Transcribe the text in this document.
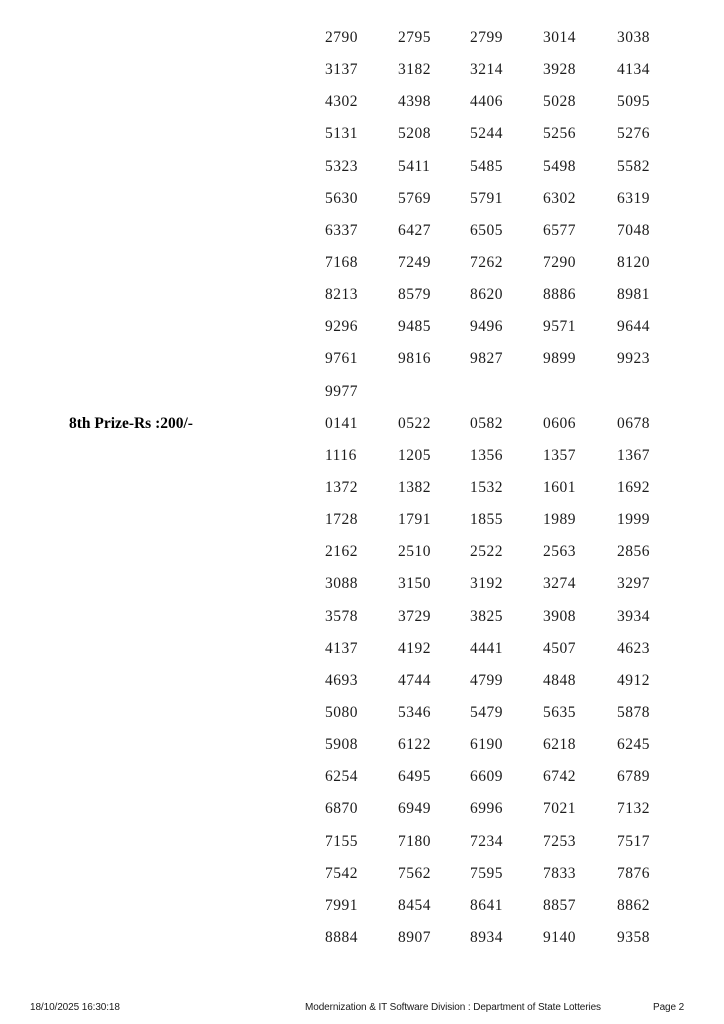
2790	2795	2799	3014	3038
3137	3182	3214	3928	4134
4302	4398	4406	5028	5095
5131	5208	5244	5256	5276
5323	5411	5485	5498	5582
5630	5769	5791	6302	6319
6337	6427	6505	6577	7048
7168	7249	7262	7290	8120
8213	8579	8620	8886	8981
9296	9485	9496	9571	9644
9761	9816	9827	9899	9923
9977
8th Prize-Rs :200/-	0141	0522	0582	0606	0678
1116	1205	1356	1357	1367
1372	1382	1532	1601	1692
1728	1791	1855	1989	1999
2162	2510	2522	2563	2856
3088	3150	3192	3274	3297
3578	3729	3825	3908	3934
4137	4192	4441	4507	4623
4693	4744	4799	4848	4912
5080	5346	5479	5635	5878
5908	6122	6190	6218	6245
6254	6495	6609	6742	6789
6870	6949	6996	7021	7132
7155	7180	7234	7253	7517
7542	7562	7595	7833	7876
7991	8454	8641	8857	8862
8884	8907	8934	9140	9358
18/10/2025 16:30:18	Modernization & IT Software Division : Department of State Lotteries	Page 2
